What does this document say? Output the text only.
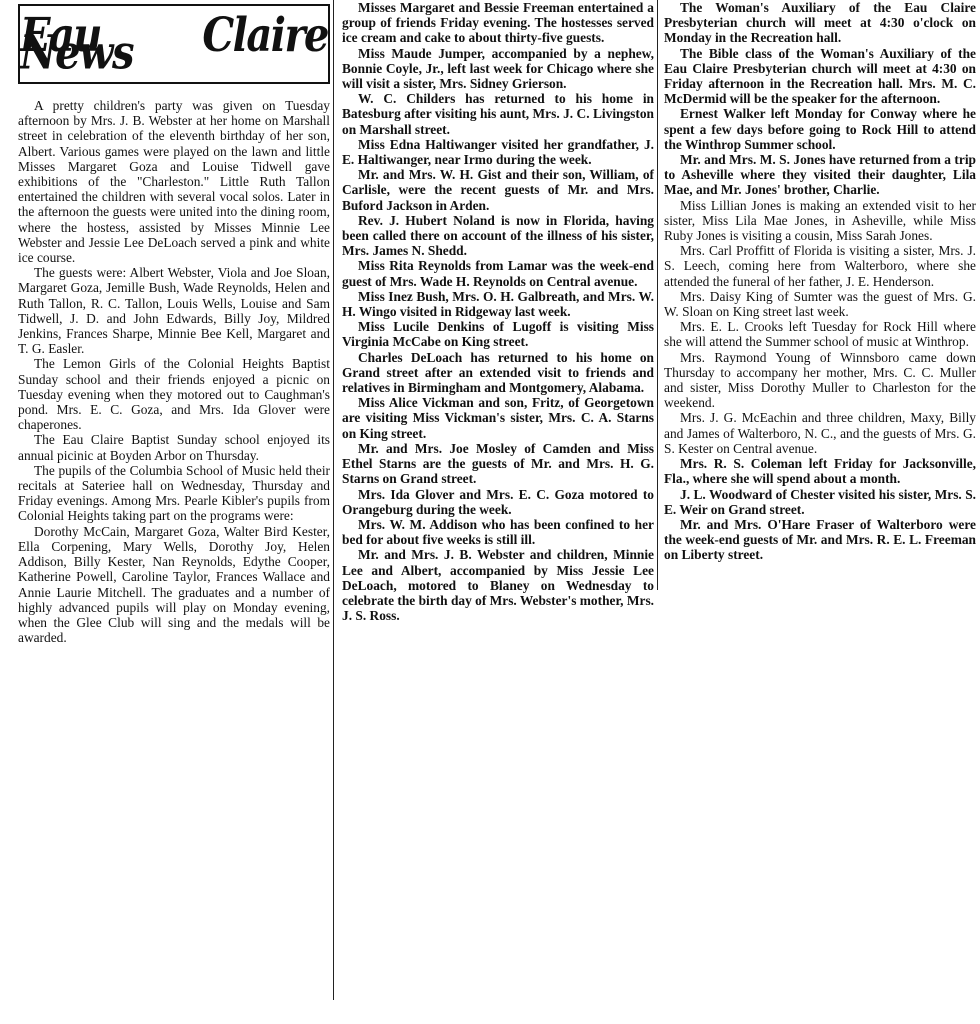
Eau Claire News

A pretty children's party was given on Tuesday afternoon by Mrs. J. B. Webster at her home on Marshall street in celebration of the eleventh birthday of her son, Albert. Various games were played on the lawn and little Misses Margaret Goza and Louise Tidwell gave exhibitions of the "Charleston." Little Ruth Tallon entertained the children with several vocal solos. Later in the afternoon the guests were united into the dining room, where the hostess, assisted by Misses Minnie Lee Webster and Jessie Lee DeLoach served a pink and white ice course.

The guests were: Albert Webster, Viola and Joe Sloan, Margaret Goza, Jemille Bush, Wade Reynolds, Helen and Ruth Tallon, R. C. Tallon, Louis Wells, Louise and Sam Tidwell, J. D. and John Edwards, Billy Joy, Mildred Jenkins, Frances Sharpe, Minnie Bee Kell, Margaret and T. G. Easler.

The Lemon Girls of the Colonial Heights Baptist Sunday school and their friends enjoyed a picnic on Tuesday evening when they motored out to Caughman's pond. Mrs. E. C. Goza, and Mrs. Ida Glover were chaperones.

The Eau Claire Baptist Sunday school enjoyed its annual picinic at Boyden Arbor on Thursday.

The pupils of the Columbia School of Music held their recitals at Sateriee hall on Wednesday, Thursday and Friday evenings. Among Mrs. Pearle Kibler's pupils from Colonial Heights taking part on the programs were:

Dorothy McCain, Margaret Goza, Walter Bird Kester, Ella Corpening, Mary Wells, Dorothy Joy, Helen Addison, Billy Kester, Nan Reynolds, Edythe Cooper, Katherine Powell, Caroline Taylor, Frances Wallace and Annie Laurie Mitchell. The graduates and a number of highly advanced pupils will play on Monday evening, when the Glee Club will sing and the medals will be awarded.

Misses Margaret and Bessie Freeman entertained a group of friends Friday evening. The hostesses served ice cream and cake to about thirty-five guests.

Miss Maude Jumper, accompanied by a nephew, Bonnie Coyle, Jr., left last week for Chicago where she will visit a sister, Mrs. Sidney Grierson.

W. C. Childers has returned to his home in Batesburg after visiting his aunt, Mrs. J. C. Livingston on Marshall street.

Miss Edna Haltiwanger visited her grandfather, J. E. Haltiwanger, near Irmo during the week.

Mr. and Mrs. W. H. Gist and their son, William, of Carlisle, were the recent guests of Mr. and Mrs. Buford Jackson in Arden.

Rev. J. Hubert Noland is now in Florida, having been called there on account of the illness of his sister, Mrs. James N. Shedd.

Miss Rita Reynolds from Lamar was the week-end guest of Mrs. Wade H. Reynolds on Central avenue.

Miss Inez Bush, Mrs. O. H. Galbreath, and Mrs. W. H. Wingo visited in Ridgeway last week.

Miss Lucile Denkins of Lugoff is visiting Miss Virginia McCabe on King street.

Charles DeLoach has returned to his home on Grand street after an extended visit to friends and relatives in Birmingham and Montgomery, Alabama.

Miss Alice Vickman and son, Fritz, of Georgetown are visiting Miss Vickman's sister, Mrs. C. A. Starns on King street.

Mr. and Mrs. Joe Mosley of Camden and Miss Ethel Starns are the guests of Mr. and Mrs. H. G. Starns on Grand street.

Mrs. Ida Glover and Mrs. E. C. Goza motored to Orangeburg during the week.

Mrs. W. M. Addison who has been confined to her bed for about five weeks is still ill.

Mr. and Mrs. J. B. Webster and children, Minnie Lee and Albert, accompanied by Miss Jessie Lee DeLoach, motored to Blaney on Wednesday to celebrate the birth day of Mrs. Webster's mother, Mrs. J. S. Ross.

The Woman's Auxiliary of the Eau Claire Presbyterian church will meet at 4:30 o'clock on Monday in the Recreation hall.

The Bible class of the Woman's Auxiliary of the Eau Claire Presbyterian church will meet at 4:30 on Friday afternoon in the Recreation hall. Mrs. M. C. McDermid will be the speaker for the afternoon.

Ernest Walker left Monday for Conway where he spent a few days before going to Rock Hill to attend the Winthrop Summer school.

Mr. and Mrs. M. S. Jones have returned from a trip to Asheville where they visited their daughter, Lila Mae, and Mr. Jones' brother, Charlie.

Miss Lillian Jones is making an extended visit to her sister, Miss Lila Mae Jones, in Asheville, while Miss Ruby Jones is visiting a cousin, Miss Sarah Jones.

Mrs. Carl Proffitt of Florida is visiting a sister, Mrs. J. S. Leech, coming here from Walterboro, where she attended the funeral of her father, J. E. Henderson.

Mrs. Daisy King of Sumter was the guest of Mrs. G. W. Sloan on King street last week.

Mrs. E. L. Crooks left Tuesday for Rock Hill where she will attend the Summer school of music at Winthrop.

Mrs. Raymond Young of Winnsboro came down Thursday to accompany her mother, Mrs. C. C. Muller and sister, Miss Dorothy Muller to Charleston for the weekend.

Mrs. J. G. McEachin and three children, Maxy, Billy and James of Walterboro, N. C., and the guests of Mrs. G. S. Kester on Central avenue.

Mrs. R. S. Coleman left Friday for Jacksonville, Fla., where she will spend about a month.

J. L. Woodward of Chester visited his sister, Mrs. S. E. Weir on Grand street.

Mr. and Mrs. O'Hare Fraser of Walterboro were the week-end guests of Mr. and Mrs. R. E. L. Freeman on Liberty street.
